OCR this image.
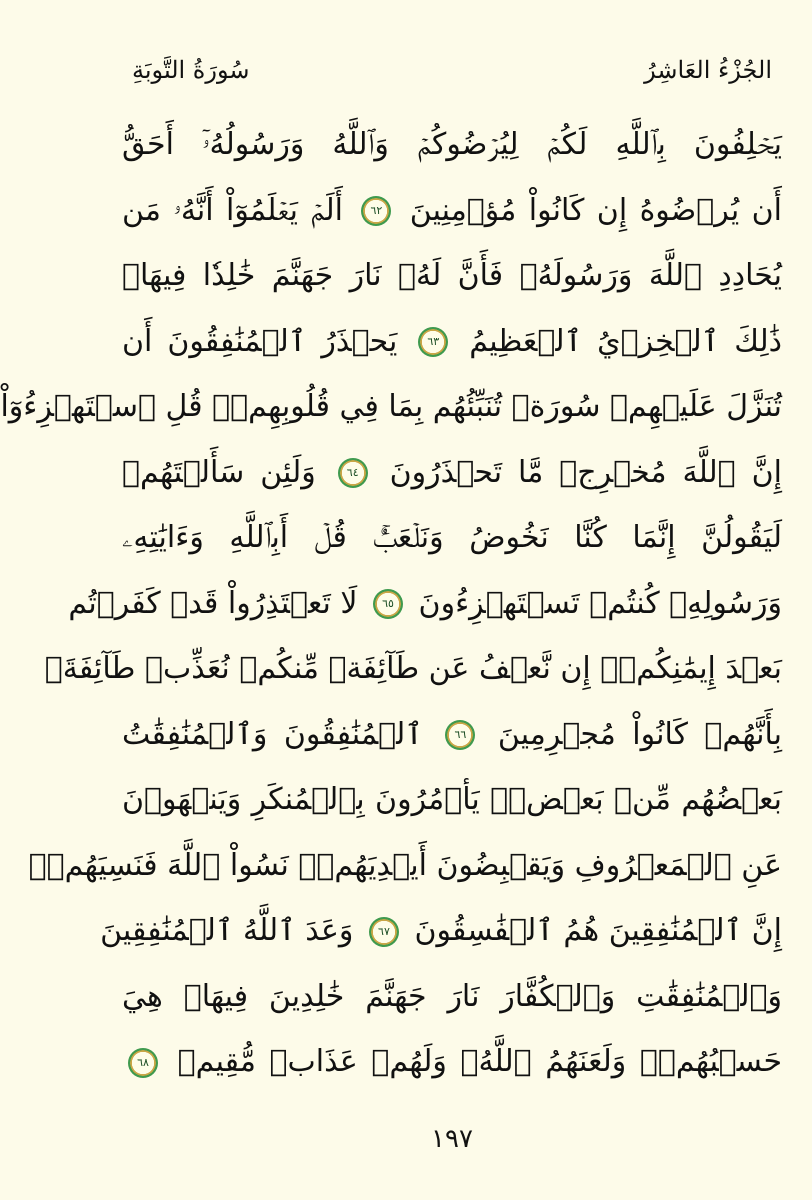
الجُزْءُ العَاشِرُ
سُورَةُ التَّوبَةِ
يَحۡلِفُونَ بِٱللَّهِ لَكُمۡ لِيُرۡضُوكُمۡ وَٱللَّهُ وَرَسُولُهُۥٓ أَحَقُّ
أَن يُرۡضُوهُ إِن كَانُواْ مُؤۡمِنِينَ ٦٢ أَلَمۡ يَعۡلَمُوٓاْ أَنَّهُۥ مَن
يُحَادِدِ ٱللَّهَ وَرَسُولَهُۥ فَأَنَّ لَهُۥ نَارَ جَهَنَّمَ خَٰلِدٗا فِيهَاۚ
ذَٰلِكَ ٱلۡخِزۡيُ ٱلۡعَظِيمُ ٦٣ يَحۡذَرُ ٱلۡمُنَٰفِقُونَ أَن
تُنَزَّلَ عَلَيۡهِمۡ سُورَةٞ تُنَبِّئُهُم بِمَا فِي قُلُوبِهِمۡۚ قُلِ ٱسۡتَهۡزِءُوٓاْ
إِنَّ ٱللَّهَ مُخۡرِجٞ مَّا تَحۡذَرُونَ ٦٤ وَلَئِن سَأَلۡتَهُمۡ
لَيَقُولُنَّ إِنَّمَا كُنَّا نَخُوضُ وَنَلۡعَبُۚ قُلۡ أَبِٱللَّهِ وَءَايَٰتِهِۦ
وَرَسُولِهِۦ كُنتُمۡ تَسۡتَهۡزِءُونَ ٦٥ لَا تَعۡتَذِرُواْ قَدۡ كَفَرۡتُم
بَعۡدَ إِيمَٰنِكُمۡۚ إِن نَّعۡفُ عَن طَآئِفَةٖ مِّنكُمۡ نُعَذِّبۡ طَآئِفَةَۢ
بِأَنَّهُمۡ كَانُواْ مُجۡرِمِينَ ٦٦ ٱلۡمُنَٰفِقُونَ وَٱلۡمُنَٰفِقَٰتُ
بَعۡضُهُم مِّنۢ بَعۡضٖۚ يَأۡمُرُونَ بِٱلۡمُنكَرِ وَيَنۡهَوۡنَ
عَنِ ٱلۡمَعۡرُوفِ وَيَقۡبِضُونَ أَيۡدِيَهُمۡۚ نَسُواْ ٱللَّهَ فَنَسِيَهُمۡۚ
إِنَّ ٱلۡمُنَٰفِقِينَ هُمُ ٱلۡفَٰسِقُونَ ٦٧ وَعَدَ ٱللَّهُ ٱلۡمُنَٰفِقِينَ
وَٱلۡمُنَٰفِقَٰتِ وَٱلۡكُفَّارَ نَارَ جَهَنَّمَ خَٰلِدِينَ فِيهَاۚ هِيَ
حَسۡبُهُمۡۚ وَلَعَنَهُمُ ٱللَّهُۖ وَلَهُمۡ عَذَابٞ مُّقِيمٞ ٦٨
١٩٧
